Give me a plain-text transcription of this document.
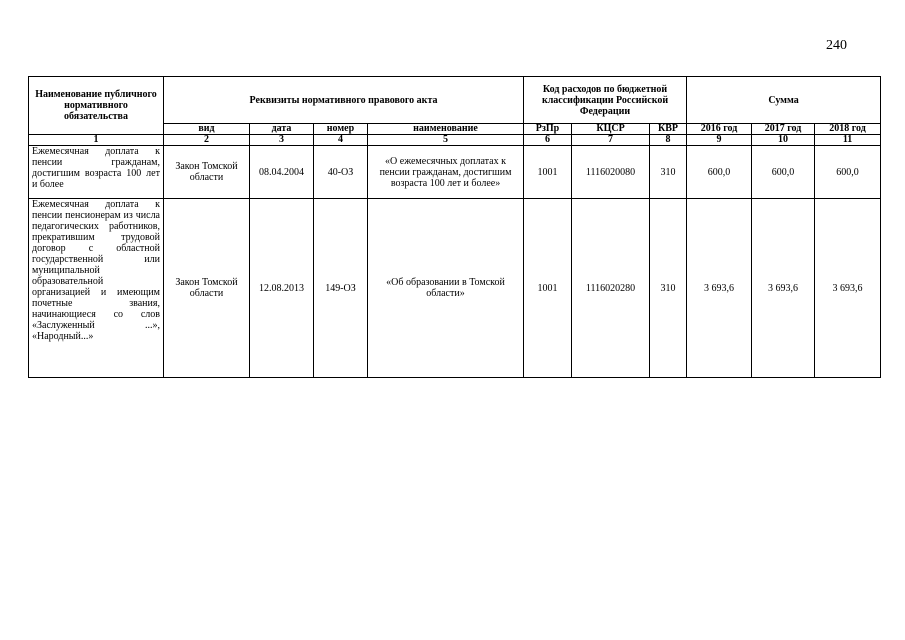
240
Наименование публичного нормативного обязательства	Реквизиты нормативного правового акта				Код расходов по бюджетной классификации Российской Федерации			Сумма		
	вид	дата	номер	наименование	РзПр	КЦСР	КВР	2016 год	2017 год	2018 год
1	2	3	4	5	6	7	8	9	10	11
Ежемесячная доплата к пенсии гражданам, достигшим возраста 100 лет и более	Закон Томской области	08.04.2004	40-ОЗ	«О ежемесячных доплатах к пенсии гражданам, достигшим возраста 100 лет и более»	1001	1116020080	310	600,0	600,0	600,0
Ежемесячная доплата к пенсии пенсионерам из числа педагогических работников, прекратившим трудовой договор с областной государственной или муниципальной образовательной организацией и имеющим почетные звания, начинающиеся со слов «Заслуженный ...», «Народный...»	Закон Томской области	12.08.2013	149-ОЗ	«Об образовании в Томской области»	1001	1116020280	310	3 693,6	3 693,6	3 693,6
